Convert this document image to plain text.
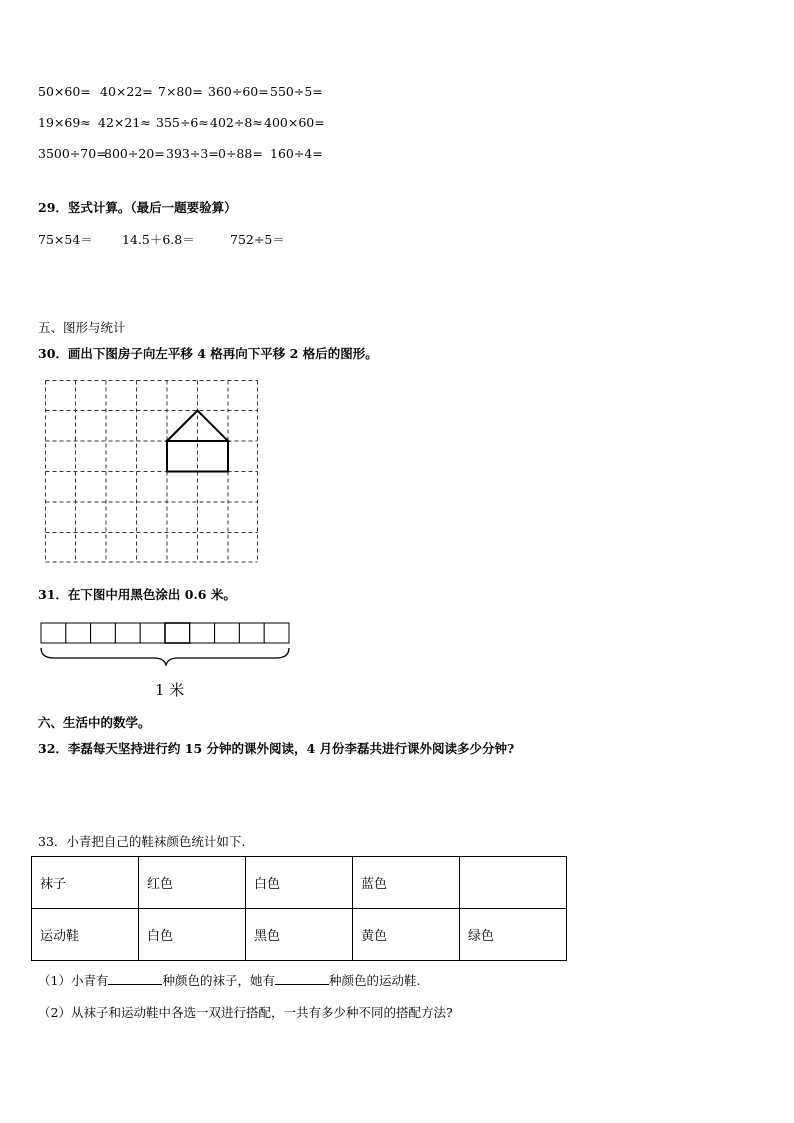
50×60= 40×22= 7×80= 360÷60=550÷5=
19×69≈ 42×21≈ 355÷6≈402÷8≈400×60=
3500÷70=800÷20=393÷3=0÷88= 160÷4=
29．竖式计算。（最后一题要验算）
75×54＝ 14.5＋6.8＝	752÷5＝
五、图形与统计
30．画出下图房子向左平移 4 格再向下平移 2 格后的图形。
31．在下图中用黑色涂出 0.6 米。
1 米
六、生活中的数学。
32．李磊每天坚持进行约 15 分钟的课外阅读，4 月份李磊共进行课外阅读多少分钟?
33．小青把自己的鞋袜颜色统计如下.
袜子	红色	白色	蓝色	
运动鞋	白色	黑色	黄色	绿色
（1）小青有	种颜色的袜子，她有	种颜色的运动鞋.
（2）从袜子和运动鞋中各选一双进行搭配，一共有多少种不同的搭配方法?
